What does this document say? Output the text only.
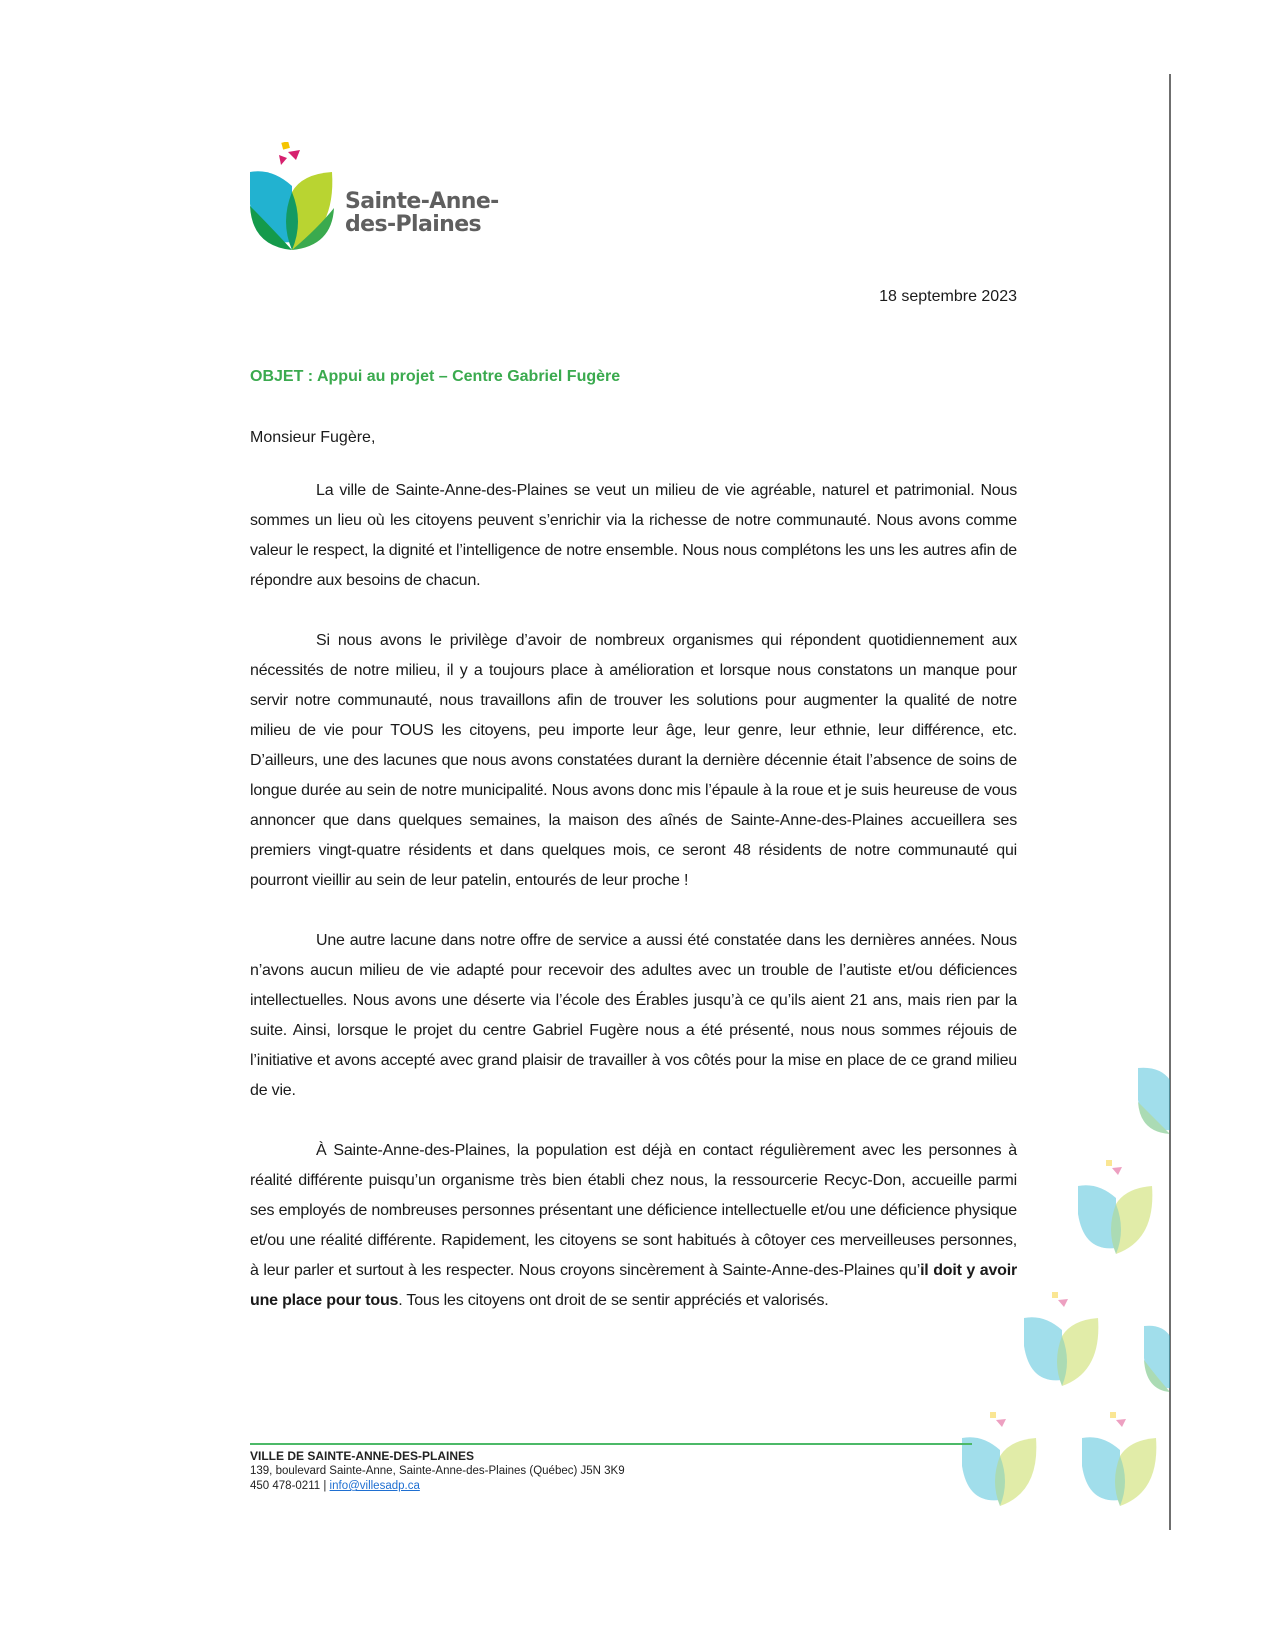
Sainte-Anne-
des-Plaines
18 septembre 2023
OBJET : Appui au projet – Centre Gabriel Fugère
Monsieur Fugère,

La ville de Sainte-Anne-des-Plaines se veut un milieu de vie agréable, naturel et patrimonial. Nous sommes un lieu où les citoyens peuvent s’enrichir via la richesse de notre communauté. Nous avons comme valeur le respect, la dignité et l’intelligence de notre ensemble. Nous nous complétons les uns les autres afin de répondre aux besoins de chacun.

Si nous avons le privilège d’avoir de nombreux organismes qui répondent quotidiennement aux nécessités de notre milieu, il y a toujours place à amélioration et lorsque nous constatons un manque pour servir notre communauté, nous travaillons afin de trouver les solutions pour augmenter la qualité de notre milieu de vie pour TOUS les citoyens, peu importe leur âge, leur genre, leur ethnie, leur différence, etc. D’ailleurs, une des lacunes que nous avons constatées durant la dernière décennie était l’absence de soins de longue durée au sein de notre municipalité. Nous avons donc mis l’épaule à la roue et je suis heureuse de vous annoncer que dans quelques semaines, la maison des aînés de Sainte-Anne-des-Plaines accueillera ses premiers vingt-quatre résidents et dans quelques mois, ce seront 48 résidents de notre communauté qui pourront vieillir au sein de leur patelin, entourés de leur proche !

Une autre lacune dans notre offre de service a aussi été constatée dans les dernières années. Nous n’avons aucun milieu de vie adapté pour recevoir des adultes avec un trouble de l’autiste et/ou déficiences intellectuelles. Nous avons une déserte via l’école des Érables jusqu’à ce qu’ils aient 21 ans, mais rien par la suite. Ainsi, lorsque le projet du centre Gabriel Fugère nous a été présenté, nous nous sommes réjouis de l’initiative et avons accepté avec grand plaisir de travailler à vos côtés pour la mise en place de ce grand milieu de vie.

À Sainte-Anne-des-Plaines, la population est déjà en contact régulièrement avec les personnes à réalité différente puisqu’un organisme très bien établi chez nous, la ressourcerie Recyc-Don, accueille parmi ses employés de nombreuses personnes présentant une déficience intellectuelle et/ou une déficience physique et/ou une réalité différente. Rapidement, les citoyens se sont habitués à côtoyer ces merveilleuses personnes, à leur parler et surtout à les respecter. Nous croyons sincèrement à Sainte-Anne-des-Plaines qu’il doit y avoir une place pour tous. Tous les citoyens ont droit de se sentir appréciés et valorisés.

VILLE DE SAINTE-ANNE-DES-PLAINES
139, boulevard Sainte-Anne, Sainte-Anne-des-Plaines (Québec) J5N 3K9
450 478-0211 | info@villesadp.ca
